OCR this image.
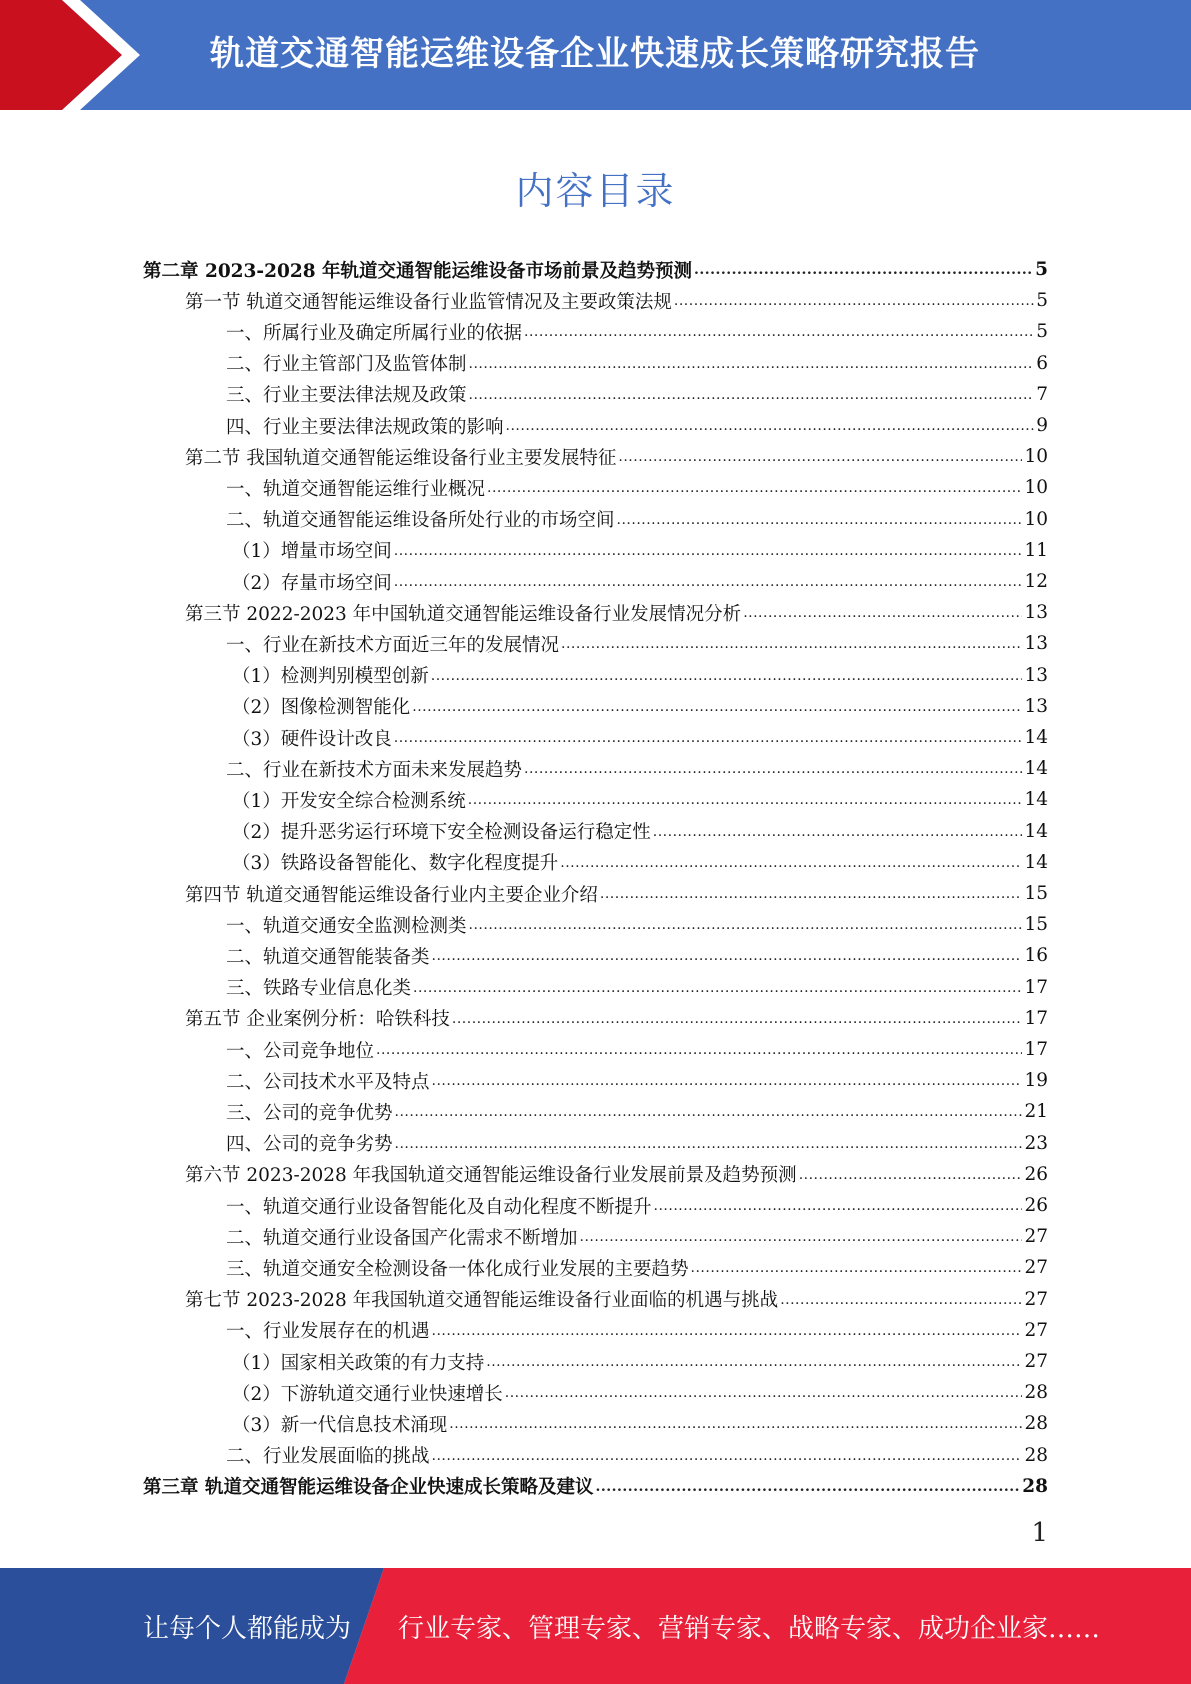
轨道交通智能运维设备企业快速成长策略研究报告
内容目录
第二章 2023-2028 年轨道交通智能运维设备市场前景及趋势预测 .....	5
第一节 轨道交通智能运维设备行业监管情况及主要政策法规 .....	5
一、所属行业及确定所属行业的依据 .....	5
二、行业主管部门及监管体制 .....	6
三、行业主要法律法规及政策 .....	7
四、行业主要法律法规政策的影响 .....	9
第二节 我国轨道交通智能运维设备行业主要发展特征 .....	10
一、轨道交通智能运维行业概况 .....	10
二、轨道交通智能运维设备所处行业的市场空间 .....	10
（1）增量市场空间 .....	11
（2）存量市场空间 .....	12
第三节 2022-2023 年中国轨道交通智能运维设备行业发展情况分析 .....	13
一、行业在新技术方面近三年的发展情况 .....	13
（1）检测判别模型创新 .....	13
（2）图像检测智能化 .....	13
（3）硬件设计改良 .....	14
二、行业在新技术方面未来发展趋势 .....	14
（1）开发安全综合检测系统 .....	14
（2）提升恶劣运行环境下安全检测设备运行稳定性 .....	14
（3）铁路设备智能化、数字化程度提升 .....	14
第四节 轨道交通智能运维设备行业内主要企业介绍 .....	15
一、轨道交通安全监测检测类 .....	15
二、轨道交通智能装备类 .....	16
三、铁路专业信息化类 .....	17
第五节 企业案例分析：哈铁科技 .....	17
一、公司竞争地位 .....	17
二、公司技术水平及特点 .....	19
三、公司的竞争优势 .....	21
四、公司的竞争劣势 .....	23
第六节 2023-2028 年我国轨道交通智能运维设备行业发展前景及趋势预测 .....	26
一、轨道交通行业设备智能化及自动化程度不断提升 .....	26
二、轨道交通行业设备国产化需求不断增加 .....	27
三、轨道交通安全检测设备一体化成行业发展的主要趋势 .....	27
第七节 2023-2028 年我国轨道交通智能运维设备行业面临的机遇与挑战 .....	27
一、行业发展存在的机遇 .....	27
（1）国家相关政策的有力支持 .....	27
（2）下游轨道交通行业快速增长 .....	28
（3）新一代信息技术涌现 .....	28
二、行业发展面临的挑战 .....	28
第三章 轨道交通智能运维设备企业快速成长策略及建议 .....	28
1
让每个人都能成为 行业专家、管理专家、营销专家、战略专家、成功企业家……
